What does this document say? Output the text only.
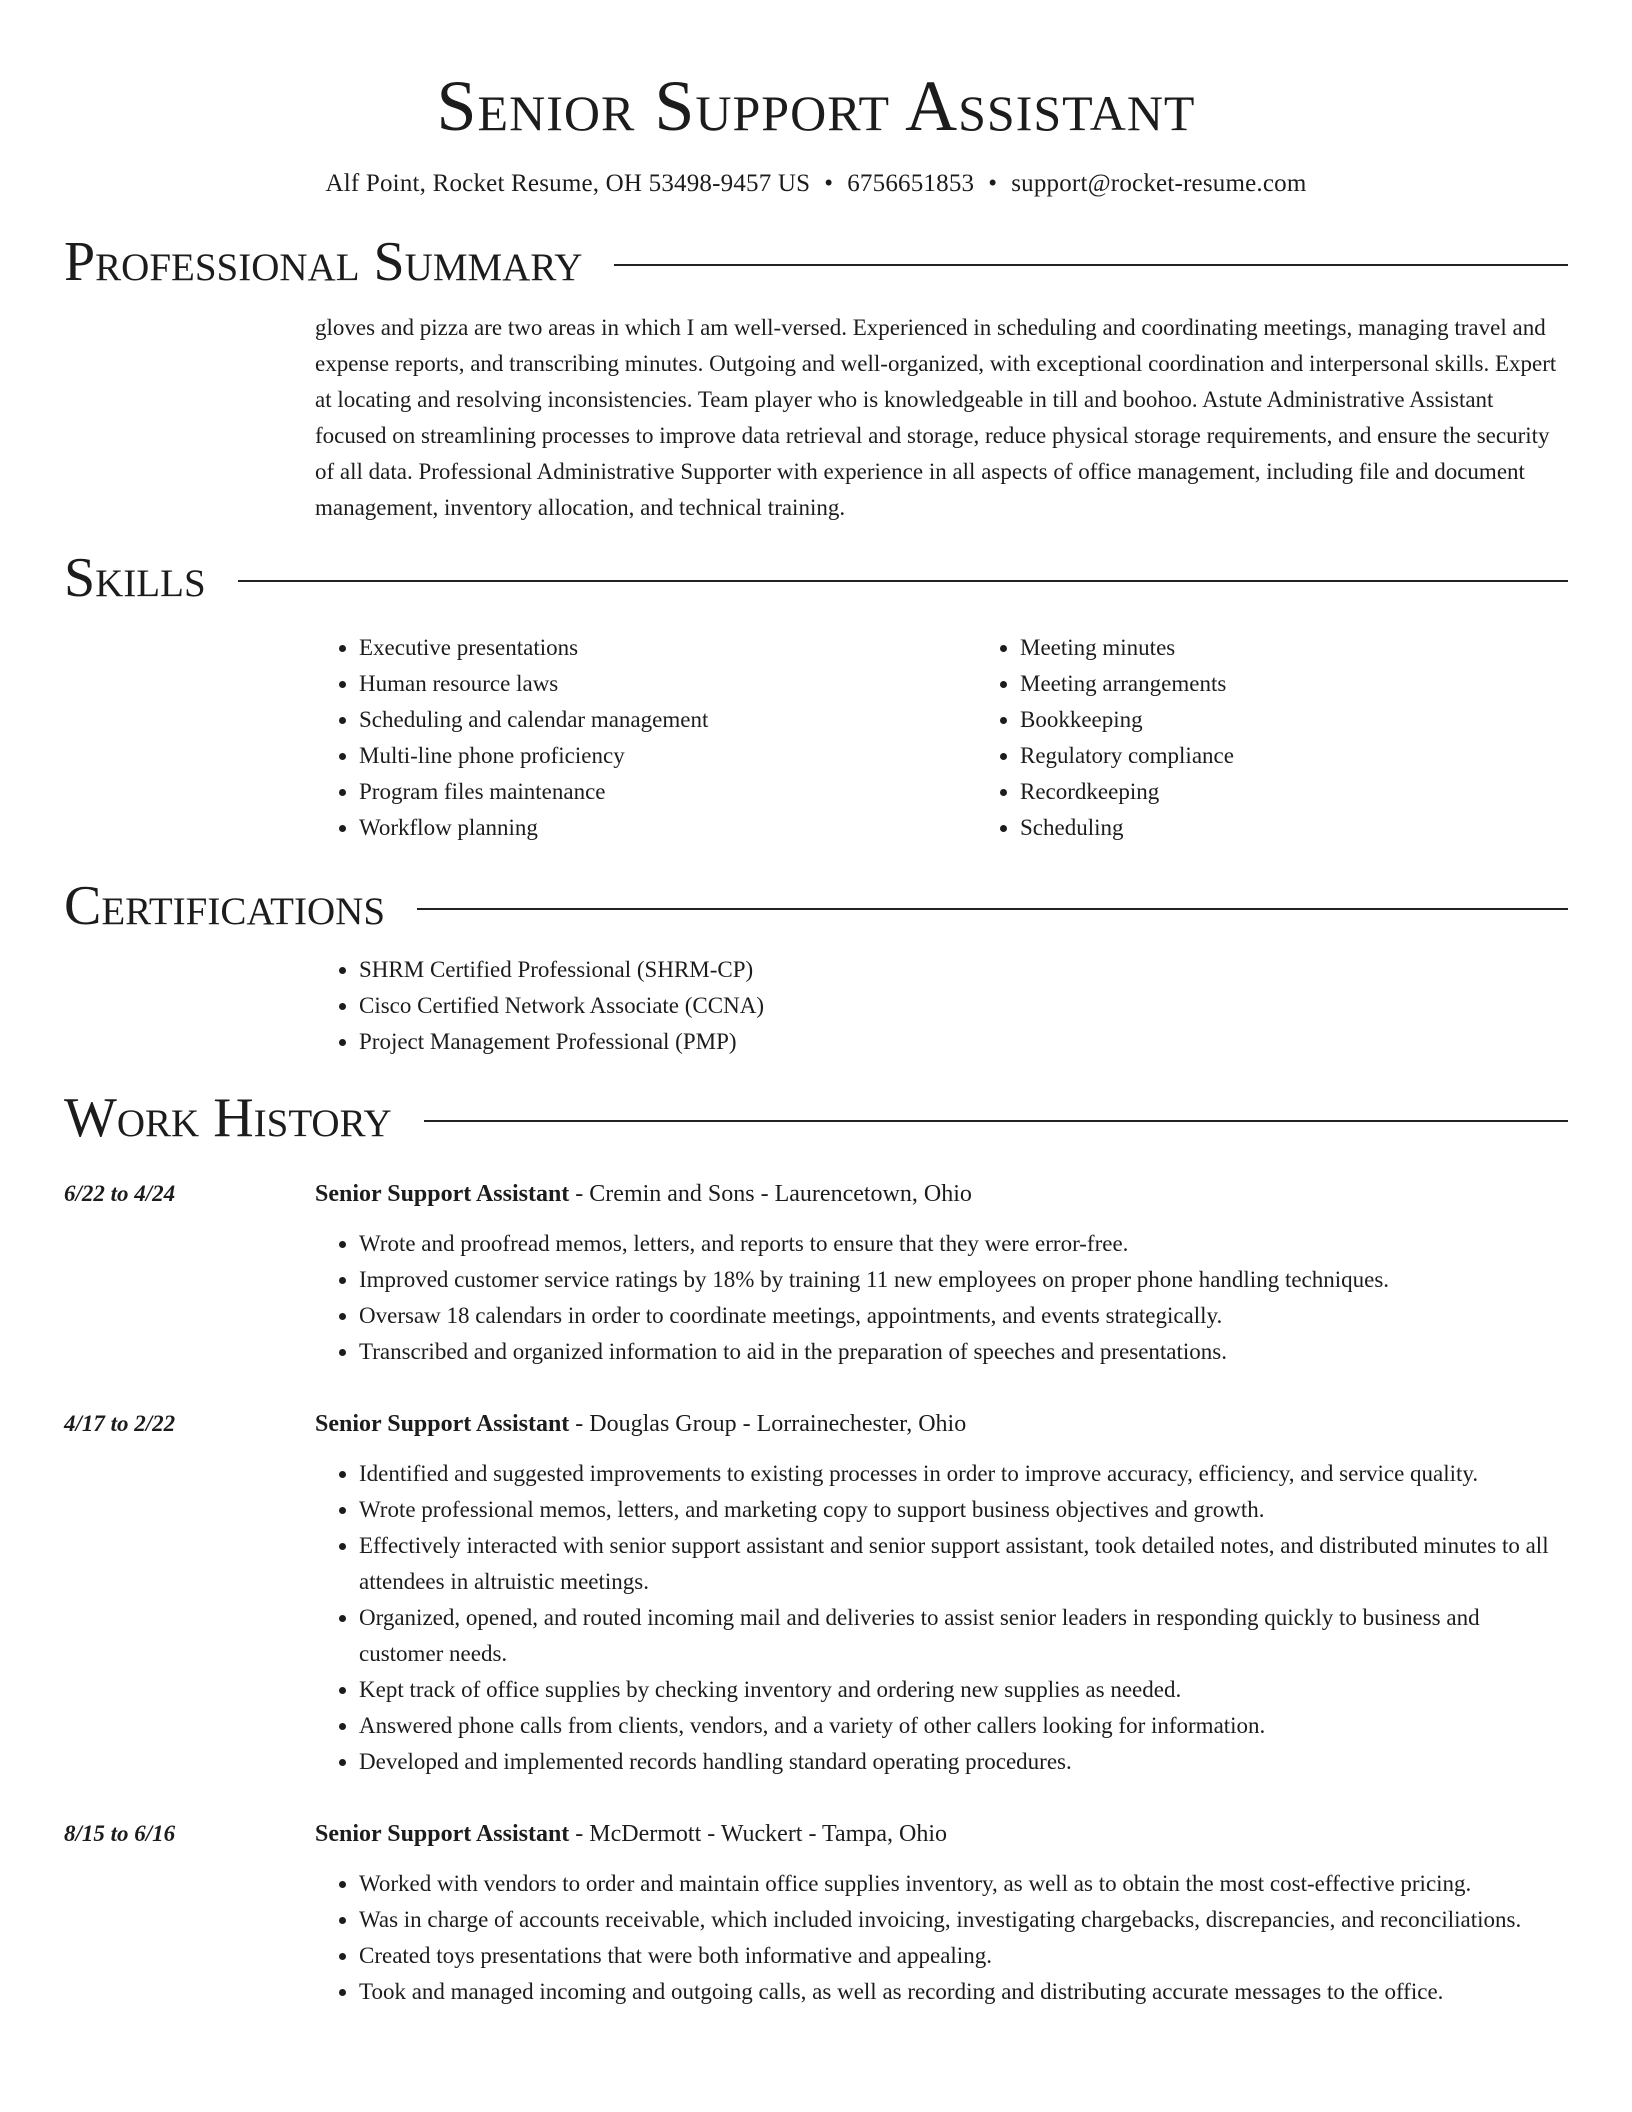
Senior Support Assistant
Alf Point, Rocket Resume, OH 53498-9457 US • 6756651853 • support@rocket-resume.com
Professional Summary

gloves and pizza are two areas in which I am well-versed. Experienced in scheduling and coordinating meetings, managing travel and expense reports, and transcribing minutes. Outgoing and well-organized, with exceptional coordination and interpersonal skills. Expert at locating and resolving inconsistencies. Team player who is knowledgeable in till and boohoo. Astute Administrative Assistant focused on streamlining processes to improve data retrieval and storage, reduce physical storage requirements, and ensure the security of all data. Professional Administrative Supporter with experience in all aspects of office management, including file and document management, inventory allocation, and technical training.

Skills
• Executive presentations
• Human resource laws
• Scheduling and calendar management
• Multi-line phone proficiency
• Program files maintenance
• Workflow planning
• Meeting minutes
• Meeting arrangements
• Bookkeeping
• Regulatory compliance
• Recordkeeping
• Scheduling
Certifications
• SHRM Certified Professional (SHRM-CP)
• Cisco Certified Network Associate (CCNA)
• Project Management Professional (PMP)
Work History
6/22 to 4/24	Senior Support Assistant - Cremin and Sons - Laurencetown, Ohio
• Wrote and proofread memos, letters, and reports to ensure that they were error-free.
• Improved customer service ratings by 18% by training 11 new employees on proper phone handling techniques.
• Oversaw 18 calendars in order to coordinate meetings, appointments, and events strategically.
• Transcribed and organized information to aid in the preparation of speeches and presentations.
4/17 to 2/22	Senior Support Assistant - Douglas Group - Lorrainechester, Ohio
• Identified and suggested improvements to existing processes in order to improve accuracy, efficiency, and service quality.
• Wrote professional memos, letters, and marketing copy to support business objectives and growth.
• Effectively interacted with senior support assistant and senior support assistant, took detailed notes, and distributed minutes to all attendees in altruistic meetings.
• Organized, opened, and routed incoming mail and deliveries to assist senior leaders in responding quickly to business and customer needs.
• Kept track of office supplies by checking inventory and ordering new supplies as needed.
• Answered phone calls from clients, vendors, and a variety of other callers looking for information.
• Developed and implemented records handling standard operating procedures.
8/15 to 6/16	Senior Support Assistant - McDermott - Wuckert - Tampa, Ohio
• Worked with vendors to order and maintain office supplies inventory, as well as to obtain the most cost-effective pricing.
• Was in charge of accounts receivable, which included invoicing, investigating chargebacks, discrepancies, and reconciliations.
• Created toys presentations that were both informative and appealing.
• Took and managed incoming and outgoing calls, as well as recording and distributing accurate messages to the office.
